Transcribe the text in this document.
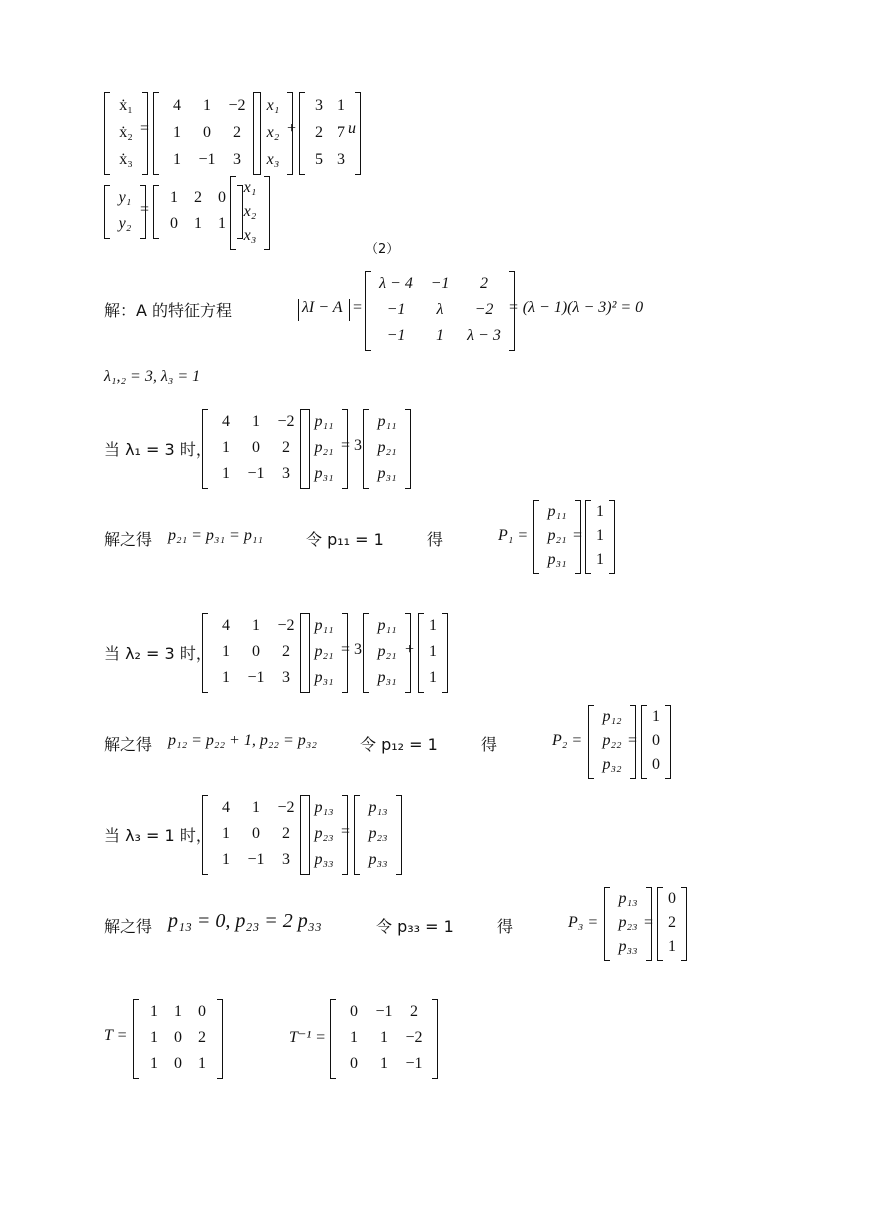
ẋ₁
ẋ₂
ẋ₃
=
4	1	−2
1	0	2
1	−1	3
x₁
x₂
x₃
+
3 1
2 7
5 3
u
y₁
y₂
=
1	2	0
0	1	1
x₁
x₂
x₃
（2）
解：A 的特征方程	λI − A =
λ − 4	−1	2
−1	λ	−2
−1	1	λ − 3
= (λ − 1)(λ − 3)² = 0
λ₁,₂ = 3, λ₃ = 1
当 λ₁ = 3 时，
4	1	−2
1	0	2
1	−1	3
p₁₁
p₂₁
p₃₁
= 3
p₁₁
p₂₁
p₃₁
解之得 p₂₁ = p₃₁ = p₁₁	令 p₁₁ = 1	得	P₁ =
p₁₁
p₂₁
p₃₁
=
1
1
1
当 λ₂ = 3 时，
4	1	−2
1	0	2
1	−1	3
p₁₁
p₂₁
p₃₁
= 3
p₁₁
p₂₁
p₃₁
+
1
1
1
解之得 p₁₂ = p₂₂ + 1, p₂₂ = p₃₂	令 p₁₂ = 1	得	P₂ =
p₁₂
p₂₂
p₃₂
=
1
0
0
当 λ₃ = 1 时，
4	1	−2
1	0	2
1	−1	3
p₁₃
p₂₃
p₃₃
=
p₁₃
p₂₃
p₃₃
解之得 p₁₃ = 0, p₂₃ = 2 p₃₃	令 p₃₃ = 1	得	P₃ =
p₁₃
p₂₃
p₃₃
=
0
2
1
T =
1	1	0
1	0	2
1	0	1
T⁻¹ =
0	−1	2
1	1	−2
0	1	−1
